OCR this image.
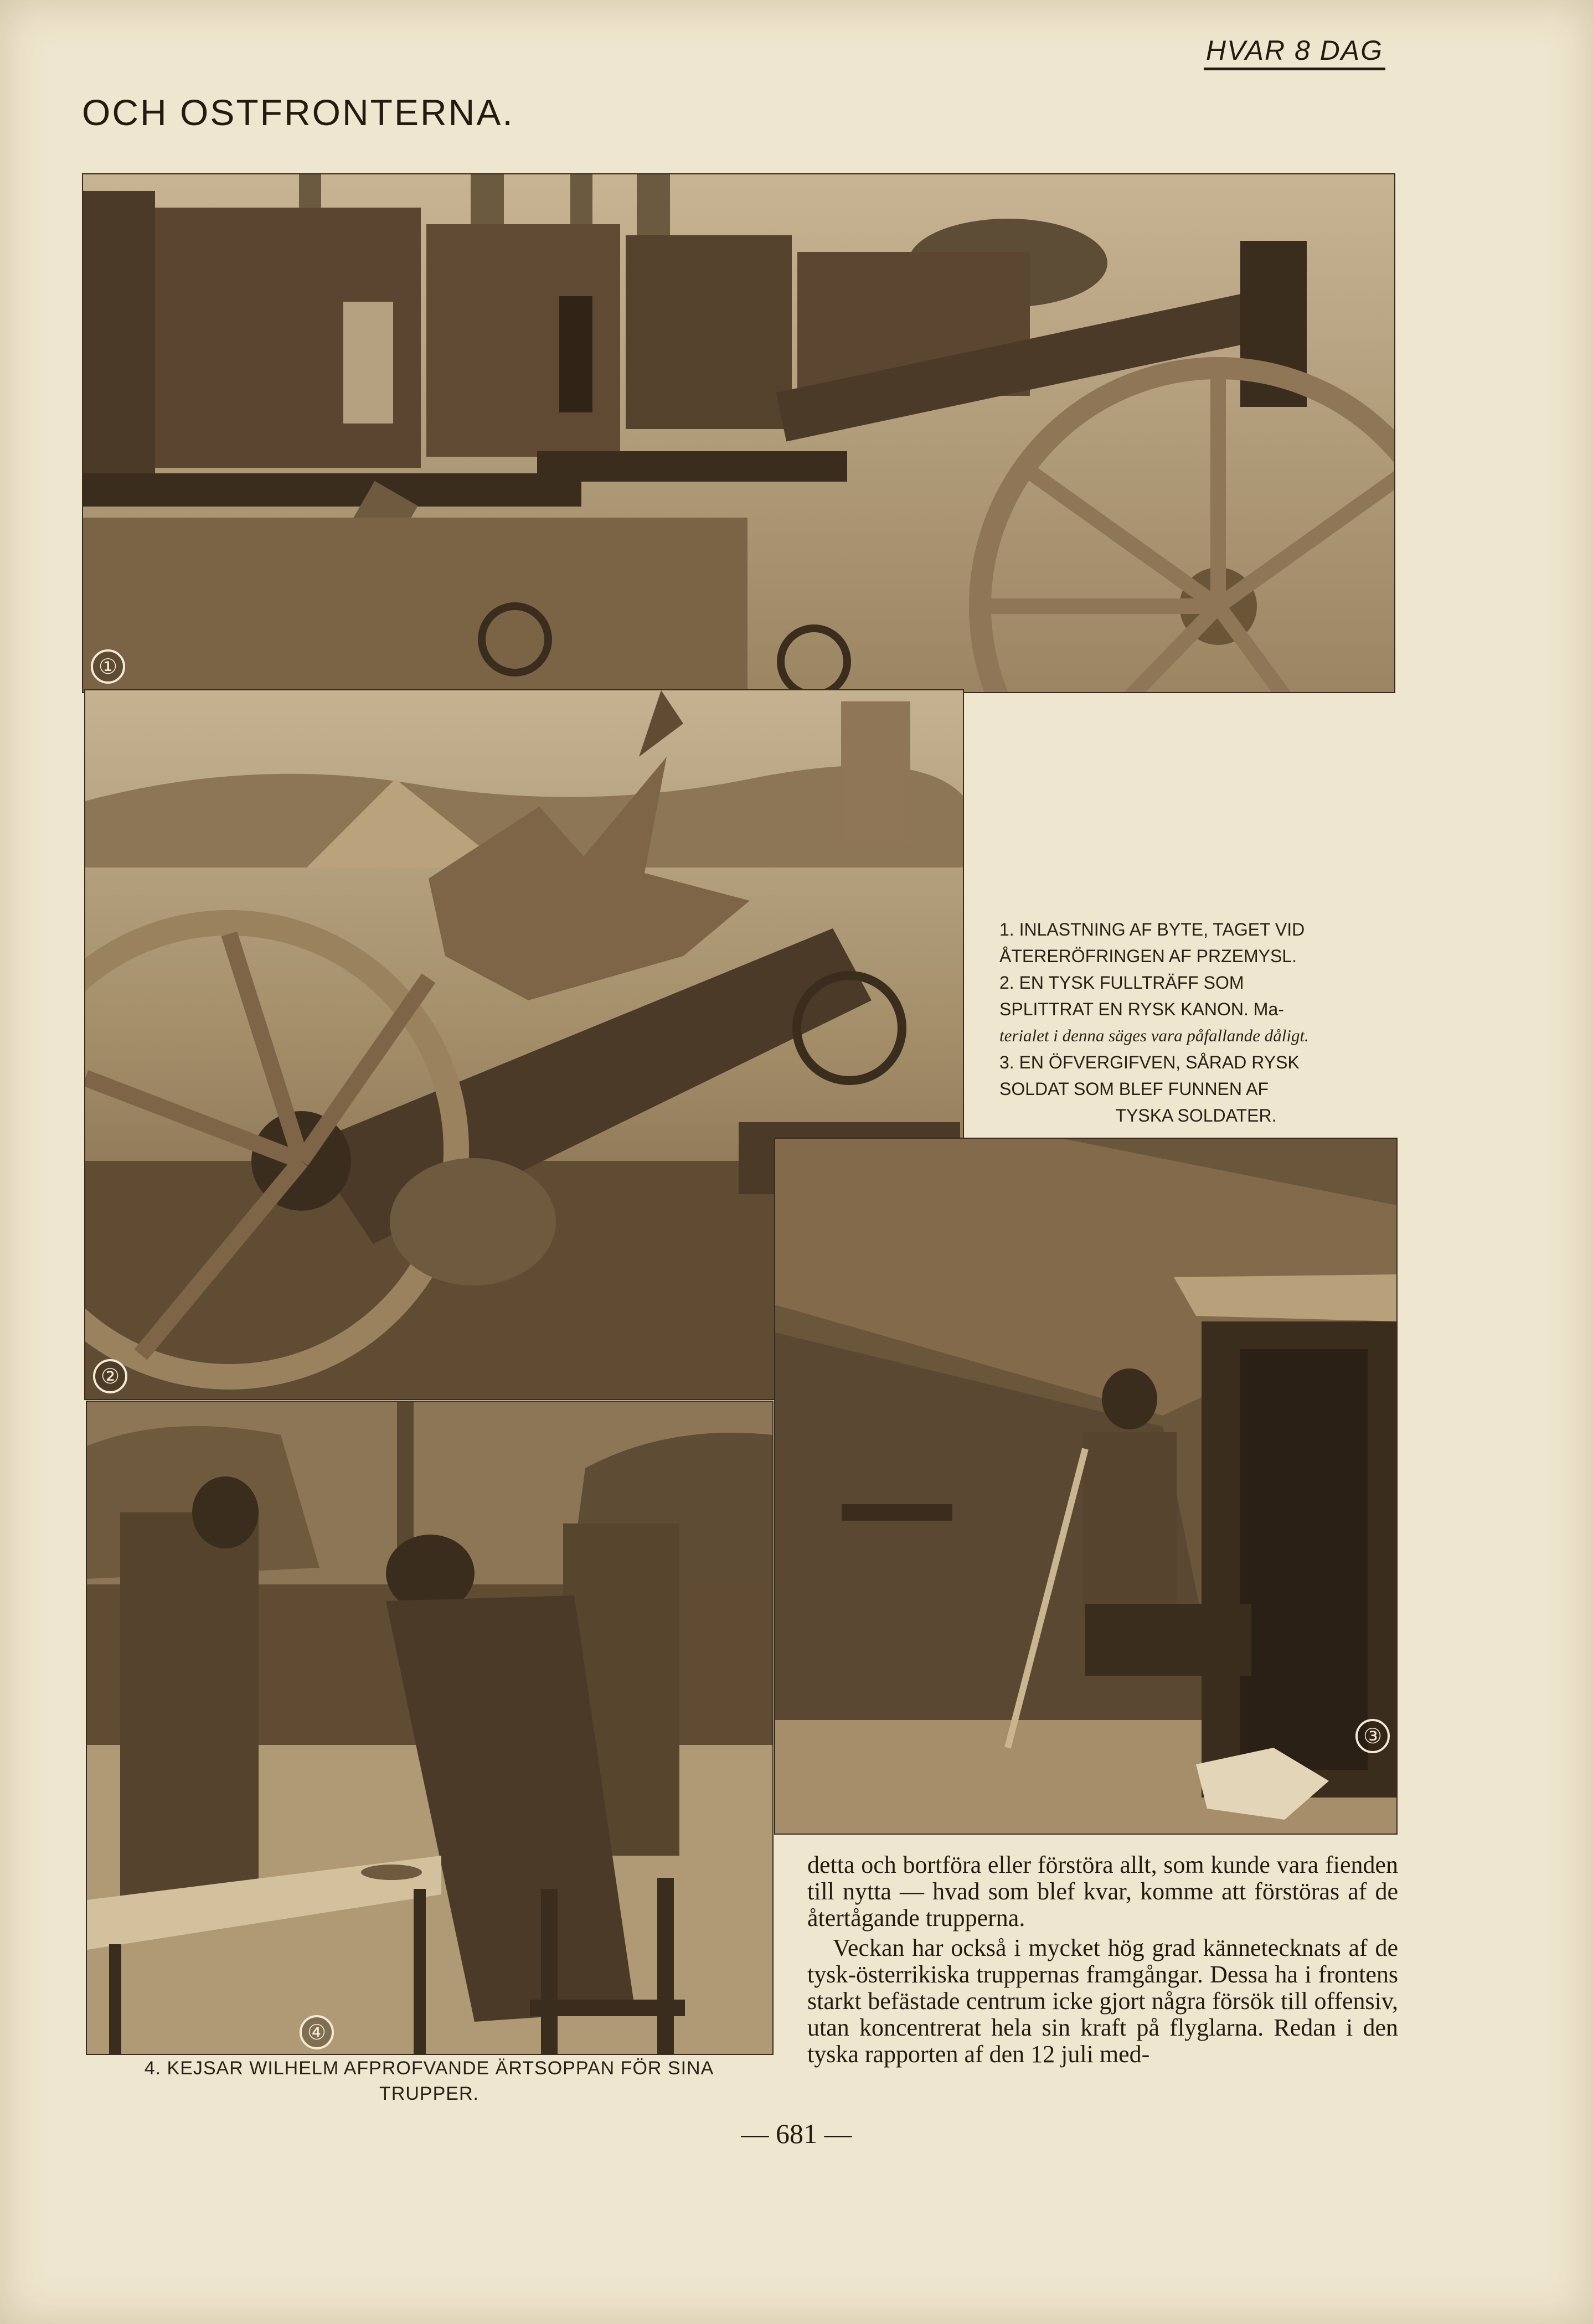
HVAR 8 DAG
OCH OSTFRONTERNA.
①
②
1. INLASTNING AF BYTE, TAGET VID
ÅTERERÖFRINGEN AF PRZEMYSL.
2. EN TYSK FULLTRÄFF SOM
SPLITTRAT EN RYSK KANON. Ma-
terialet i denna säges vara påfallande dåligt.
3. EN ÖFVERGIFVEN, SÅRAD RYSK
SOLDAT SOM BLEF FUNNEN AF
TYSKA SOLDATER.
③
④
4. KEJSAR WILHELM AFPROFVANDE ÄRTSOPPAN FÖR SINA
TRUPPER.

detta och bortföra eller förstöra allt, som kunde vara fienden till nytta — hvad som blef kvar, komme att förstöras af de återtågande trupperna.

Veckan har också i mycket hög grad kännetecknats af de tysk-österrikiska truppernas framgångar. Dessa ha i frontens starkt befästade centrum icke gjort några försök till offensiv, utan koncentrerat hela sin kraft på flyglarna. Redan i den tyska rapporten af den 12 juli med-

— 681 —
